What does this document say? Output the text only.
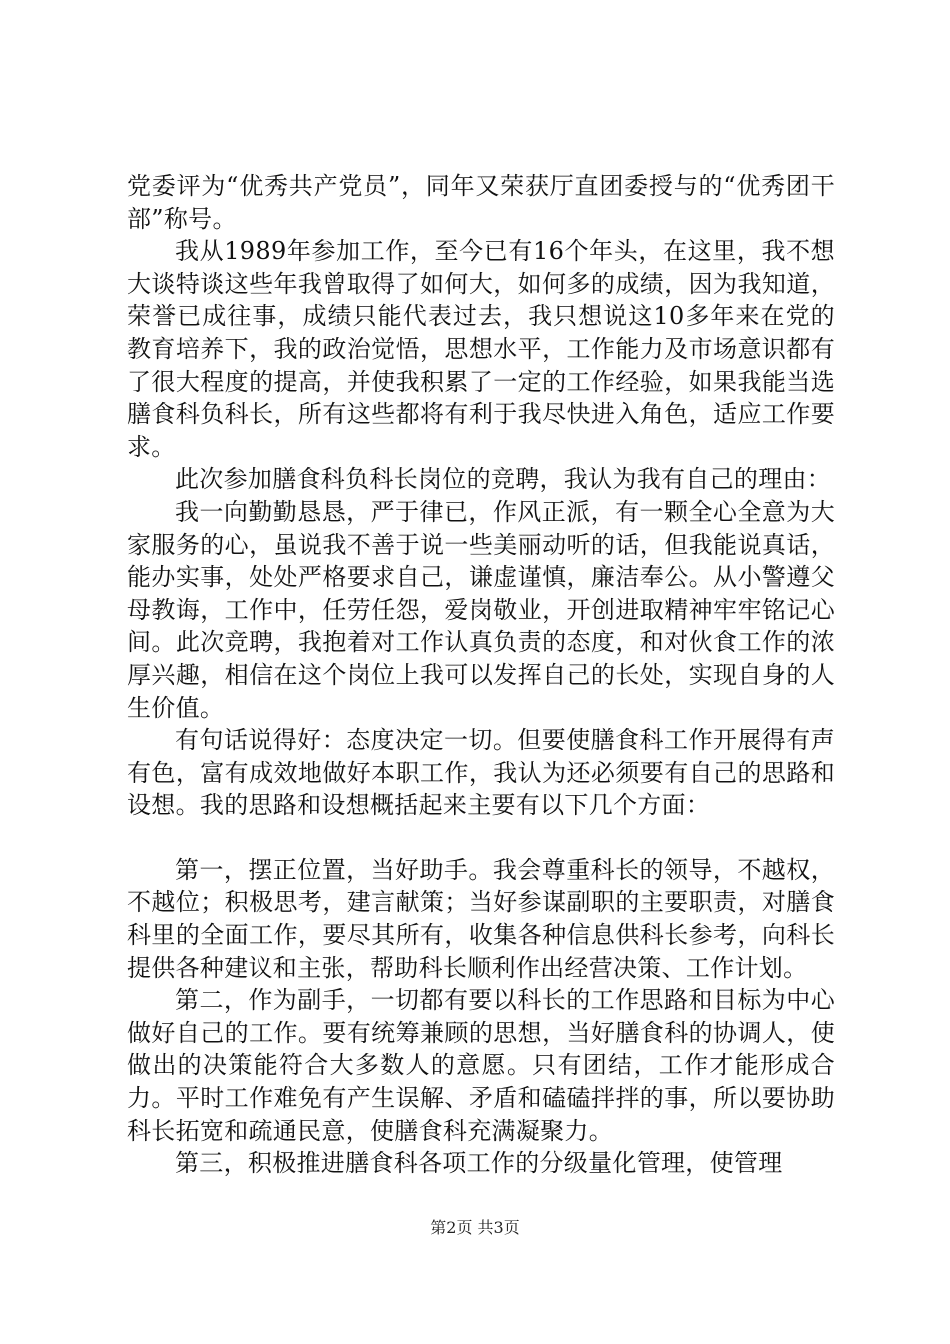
党委评为“优秀共产党员”，同年又荣获厅直团委授与的“优秀团干部”称号。

我从1989年参加工作，至今已有16个年头，在这里，我不想大谈特谈这些年我曾取得了如何大，如何多的成绩，因为我知道，荣誉已成往事，成绩只能代表过去，我只想说这10多年来在党的教育培养下，我的政治觉悟，思想水平，工作能力及市场意识都有了很大程度的提高，并使我积累了一定的工作经验，如果我能当选膳食科负科长，所有这些都将有利于我尽快进入角色，适应工作要求。

此次参加膳食科负科长岗位的竞聘，我认为我有自己的理由：

我一向勤勤恳恳，严于律已，作风正派，有一颗全心全意为大家服务的心，虽说我不善于说一些美丽动听的话，但我能说真话，能办实事，处处严格要求自己，谦虚谨慎，廉洁奉公。从小警遵父母教诲，工作中，任劳任怨，爱岗敬业，开创进取精神牢牢铭记心间。此次竞聘，我抱着对工作认真负责的态度，和对伙食工作的浓厚兴趣，相信在这个岗位上我可以发挥自己的长处，实现自身的人生价值。

有句话说得好：态度决定一切。但要使膳食科工作开展得有声有色，富有成效地做好本职工作，我认为还必须要有自己的思路和设想。我的思路和设想概括起来主要有以下几个方面：

第一，摆正位置，当好助手。我会尊重科长的领导，不越权，不越位；积极思考，建言献策；当好参谋副职的主要职责，对膳食科里的全面工作，要尽其所有，收集各种信息供科长参考，向科长提供各种建议和主张，帮助科长顺利作出经营决策、工作计划。

第二，作为副手，一切都有要以科长的工作思路和目标为中心做好自己的工作。要有统筹兼顾的思想，当好膳食科的协调人，使做出的决策能符合大多数人的意愿。只有团结，工作才能形成合力。平时工作难免有产生误解、矛盾和磕磕拌拌的事，所以要协助科长拓宽和疏通民意，使膳食科充满凝聚力。

第三，积极推进膳食科各项工作的分级量化管理，使管理

第2页 共3页
